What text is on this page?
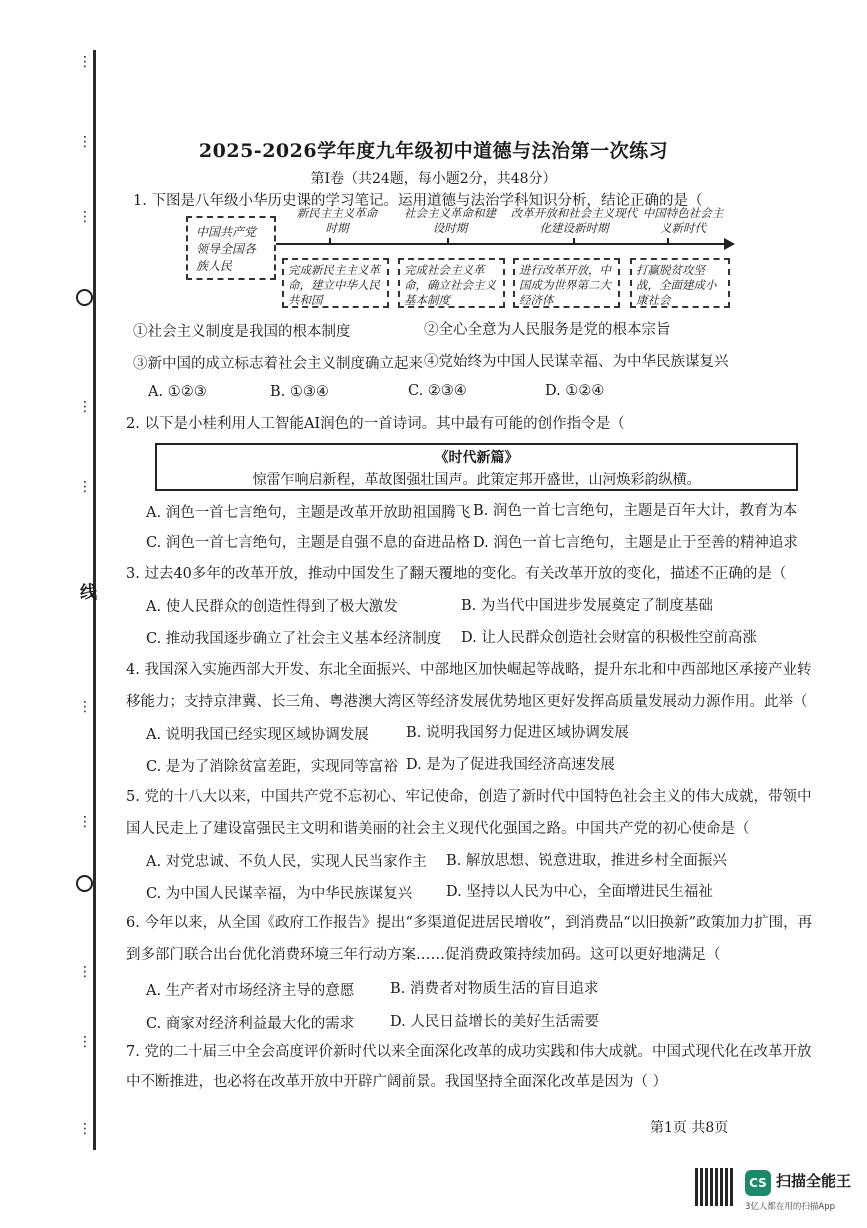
⋮
⋮
⋮
⋮
⋮
线
⋮
⋮
⋮
⋮
⋮
2025-2026学年度九年级初中道德与法治第一次练习
第Ⅰ卷（共24题，每小题2分，共48分）
1. 下图是八年级小华历史课的学习笔记。运用道德与法治学科知识分析，结论正确的是（
中国共产党领导全国各族人民
新民主主义革命时期
社会主义革命和建设时期
改革开放和社会主义现代化建设新时期
中国特色社会主义新时代
完成新民主主义革命，建立中华人民共和国
完成社会主义革命，确立社会主义基本制度
进行改革开放，中国成为世界第二大经济体
打赢脱贫攻坚战，全面建成小康社会
①社会主义制度是我国的根本制度	②全心全意为人民服务是党的根本宗旨
③新中国的成立标志着社会主义制度确立起来 ④党始终为中国人民谋幸福、为中华民族谋复兴
A. ①②③	B. ①③④	C. ②③④	D. ①②④
2. 以下是小桂利用人工智能AI润色的一首诗词。其中最有可能的创作指令是（
《时代新篇》
惊雷乍响启新程，革故图强壮国声。此策定邦开盛世，山河焕彩韵纵横。
A. 润色一首七言绝句，主题是改革开放助祖国腾飞 B. 润色一首七言绝句，主题是百年大计，教育为本
C. 润色一首七言绝句，主题是自强不息的奋进品格 D. 润色一首七言绝句，主题是止于至善的精神追求
3. 过去40多年的改革开放，推动中国发生了翻天覆地的变化。有关改革开放的变化，描述不正确的是（
A. 使人民群众的创造性得到了极大激发	B. 为当代中国进步发展奠定了制度基础
C. 推动我国逐步确立了社会主义基本经济制度 D. 让人民群众创造社会财富的积极性空前高涨
4. 我国深入实施西部大开发、东北全面振兴、中部地区加快崛起等战略，提升东北和中西部地区承接产业转
移能力；支持京津冀、长三角、粤港澳大湾区等经济发展优势地区更好发挥高质量发展动力源作用。此举（
A. 说明我国已经实现区域协调发展	B. 说明我国努力促进区域协调发展
C. 是为了消除贫富差距，实现同等富裕 D. 是为了促进我国经济高速发展
5. 党的十八大以来，中国共产党不忘初心、牢记使命，创造了新时代中国特色社会主义的伟大成就，带领中
国人民走上了建设富强民主文明和谐美丽的社会主义现代化强国之路。中国共产党的初心使命是（
A. 对党忠诚、不负人民，实现人民当家作主 B. 解放思想、锐意进取，推进乡村全面振兴
C. 为中国人民谋幸福，为中华民族谋复兴 D. 坚持以人民为中心，全面增进民生福祉
6. 今年以来，从全国《政府工作报告》提出“多渠道促进居民增收”，到消费品“以旧换新”政策加力扩围，再
到多部门联合出台优化消费环境三年行动方案……促消费政策持续加码。这可以更好地满足（
A. 生产者对市场经济主导的意愿 B. 消费者对物质生活的盲目追求
C. 商家对经济利益最大化的需求 D. 人民日益增长的美好生活需要
7. 党的二十届三中全会高度评价新时代以来全面深化改革的成功实践和伟大成就。中国式现代化在改革开放
中不断推进，也必将在改革开放中开辟广阔前景。我国坚持全面深化改革是因为（ ）
第1页 共8页
CS 扫描全能王
3亿人都在用的扫描App
